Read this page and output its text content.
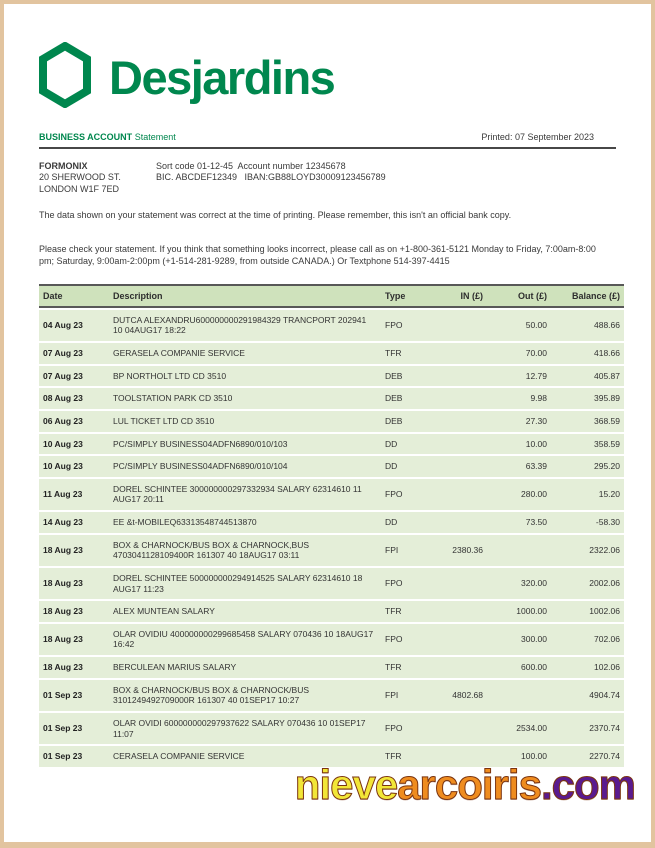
Desjardins
BUSINESS ACCOUNT Statement	Printed: 07 September 2023
FORMONIX
20 SHERWOOD ST.
LONDON W1F 7ED
Sort code 01-12-45  Account number 12345678
BIC. ABCDEF12349   IBAN:GB88LOYD30009123456789

The data shown on your statement was correct at the time of printing. Please remember, this isn't an official bank copy.

Please check your statement. If you think that something looks incorrect, please call as on +1-800-361-5121 Monday to Friday, 7:00am-8:00 pm; Saturday, 9:00am-2:00pm (+1-514-281-9289, from outside CANADA.) Or Textphone 514-397-4415

Date	Description	Type	IN (£)	Out (£)	Balance (£)
04 Aug 23	DUTCA ALEXANDRU600000000291984329 TRANCPORT 202941 10 04AUG17 18:22	FPO		50.00	488.66
07 Aug 23	GERASELA COMPANIE SERVICE	TFR		70.00	418.66
07 Aug 23	BP NORTHOLT LTD CD 3510	DEB		12.79	405.87
08 Aug 23	TOOLSTATION PARK CD 3510	DEB		9.98	395.89
06 Aug 23	LUL TICKET LTD CD 3510	DEB		27.30	368.59
10 Aug 23	PC/SIMPLY BUSINESS04ADFN6890/010/103	DD		10.00	358.59
10 Aug 23	PC/SIMPLY BUSINESS04ADFN6890/010/104	DD		63.39	295.20
11 Aug 23	DOREL SCHINTEE 300000000297332934 SALARY 62314610 11 AUG17 20:11	FPO		280.00	15.20
14 Aug 23	EE &t-MOBILEQ63313548744513870	DD		73.50	-58.30
18 Aug 23	BOX & CHARNOCK/BUS BOX & CHARNOCK,BUS 4703041128109400R 161307 40 18AUG17 03:11	FPI	2380.36		2322.06
18 Aug 23	DOREL SCHINTEE 500000000294914525 SALARY 62314610 18 AUG17 11:23	FPO		320.00	2002.06
18 Aug 23	ALEX MUNTEAN SALARY	TFR		1000.00	1002.06
18 Aug 23	OLAR OVIDIU 400000000299685458 SALARY 070436 10 18AUG17 16:42	FPO		300.00	702.06
18 Aug 23	BERCULEAN MARIUS SALARY	TFR		600.00	102.06
01 Sep 23	BOX & CHARNOCK/BUS BOX & CHARNOCK/BUS 3101249492709000R 161307 40 01SEP17 10:27	FPI	4802.68		4904.74
01 Sep 23	OLAR OVIDI 600000000297937622 SALARY 070436 10 01SEP17 11:07	FPO		2534.00	2370.74
01 Sep 23	CERASELA COMPANIE SERVICE	TFR		100.00	2270.74
nievearcoiris.com
